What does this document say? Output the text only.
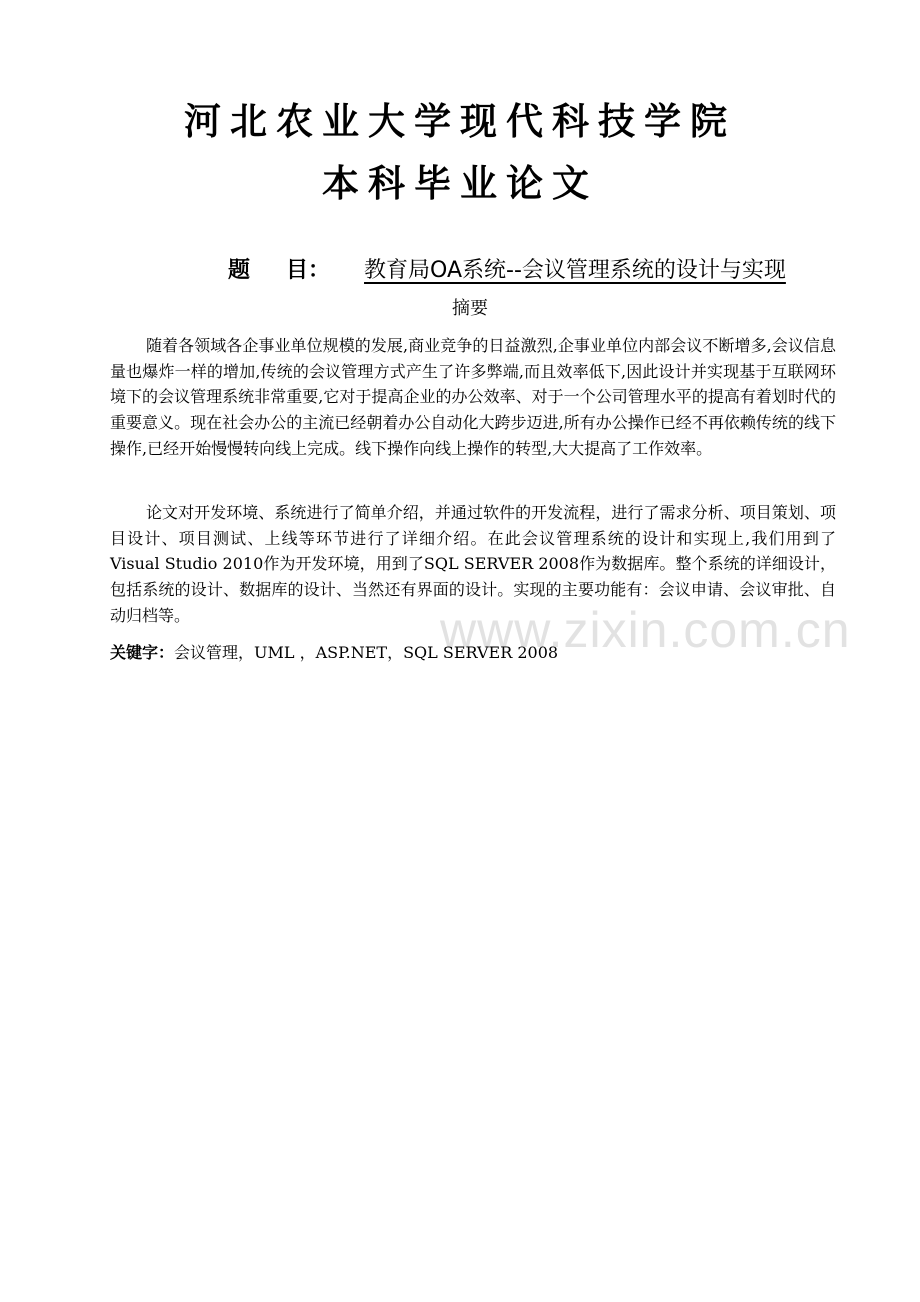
www.zixin.com.cn
河北农业大学现代科技学院
本科毕业论文
题 目：	教育局OA系统--会议管理系统的设计与实现
摘要
随着各领域各企事业单位规模的发展,商业竞争的日益激烈,企事业单位内部会议不断增多,会议信息量也爆炸一样的增加,传统的会议管理方式产生了许多弊端,而且效率低下,因此设计并实现基于互联网环境下的会议管理系统非常重要,它对于提高企业的办公效率、对于一个公司管理水平的提高有着划时代的重要意义。现在社会办公的主流已经朝着办公自动化大跨步迈进,所有办公操作已经不再依赖传统的线下操作,已经开始慢慢转向线上完成。线下操作向线上操作的转型,大大提高了工作效率。
论文对开发环境、系统进行了简单介绍，并通过软件的开发流程，进行了需求分析、项目策划、项目设计、项目测试、上线等环节进行了详细介绍。在此会议管理系统的设计和实现上,我们用到了Visual Studio 2010作为开发环境，用到了SQL SERVER 2008作为数据库。整个系统的详细设计，包括系统的设计、数据库的设计、当然还有界面的设计。实现的主要功能有：会议申请、会议审批、自动归档等。
关键字：会议管理，UML ，ASP.NET，SQL SERVER 2008
